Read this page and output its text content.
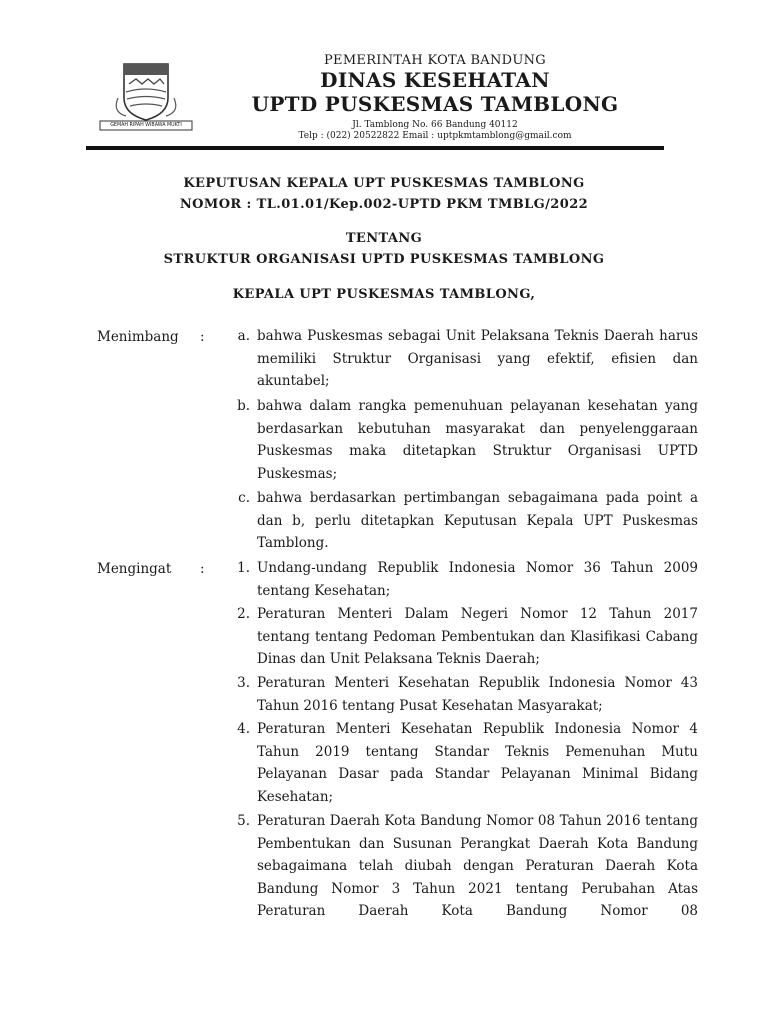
GEMAH RIPAH WIBAWA MUKTI
PEMERINTAH KOTA BANDUNG
DINAS KESEHATAN
UPTD PUSKESMAS TAMBLONG
Jl. Tamblong No. 66 Bandung 40112
Telp : (022) 20522822 Email : uptpkmtamblong@gmail.com
KEPUTUSAN KEPALA UPT PUSKESMAS TAMBLONG
NOMOR : TL.01.01/Kep.002-UPTD PKM TMBLG/2022
TENTANG
STRUKTUR ORGANISASI UPTD PUSKESMAS TAMBLONG
KEPALA UPT PUSKESMAS TAMBLONG,
Menimbang :	a. bahwa Puskesmas sebagai Unit Pelaksana Teknis Daerah harus memiliki Struktur Organisasi yang efektif, efisien dan akuntabel;
b. bahwa dalam rangka pemenuhuan pelayanan kesehatan yang berdasarkan kebutuhan masyarakat dan penyelenggaraan Puskesmas maka ditetapkan Struktur Organisasi UPTD Puskesmas;
c. bahwa berdasarkan pertimbangan sebagaimana pada point a dan b, perlu ditetapkan Keputusan Kepala UPT Puskesmas Tamblong.
Mengingat :	1. Undang-undang Republik Indonesia Nomor 36 Tahun 2009 tentang Kesehatan;
2. Peraturan Menteri Dalam Negeri Nomor 12 Tahun 2017 tentang tentang Pedoman Pembentukan dan Klasifikasi Cabang Dinas dan Unit Pelaksana Teknis Daerah;
3. Peraturan Menteri Kesehatan Republik Indonesia Nomor 43 Tahun 2016 tentang Pusat Kesehatan Masyarakat;
4. Peraturan Menteri Kesehatan Republik Indonesia Nomor 4 Tahun 2019 tentang Standar Teknis Pemenuhan Mutu Pelayanan Dasar pada Standar Pelayanan Minimal Bidang Kesehatan;
5. Peraturan Daerah Kota Bandung Nomor 08 Tahun 2016 tentang Pembentukan dan Susunan Perangkat Daerah Kota Bandung sebagaimana telah diubah dengan Peraturan Daerah Kota Bandung Nomor 3 Tahun 2021 tentang Perubahan Atas Peraturan Daerah Kota Bandung Nomor 08
